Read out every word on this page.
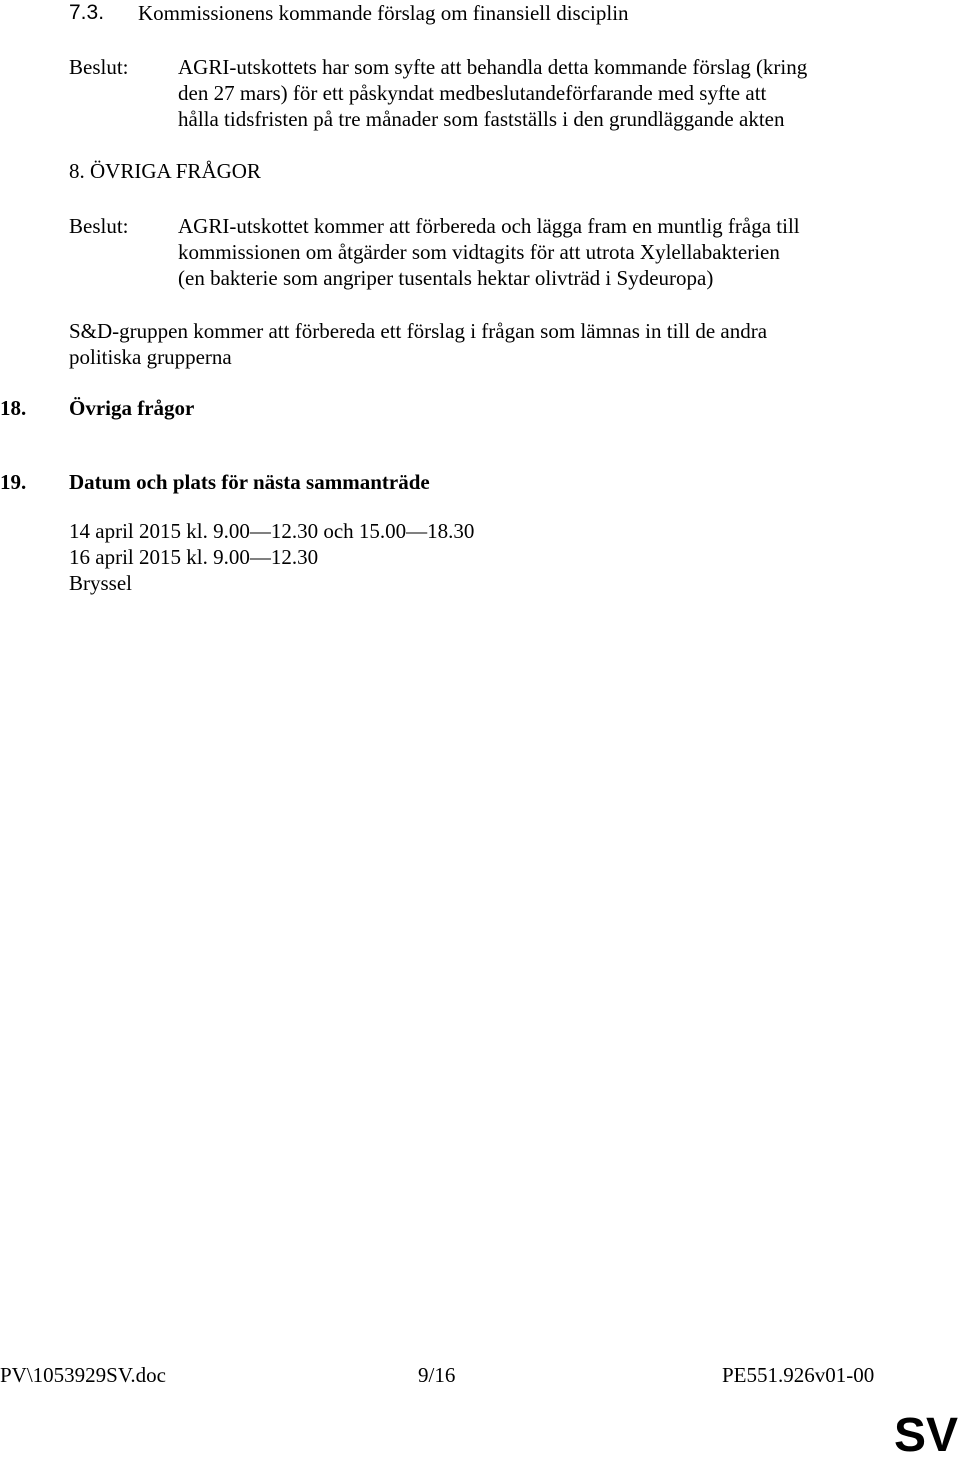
7.3. Kommissionens kommande förslag om finansiell disciplin
Beslut: AGRI-utskottets har som syfte att behandla detta kommande förslag (kring
den 27 mars) för ett påskyndat medbeslutandeförfarande med syfte att
hålla tidsfristen på tre månader som fastställs i den grundläggande akten
8. ÖVRIGA FRÅGOR
Beslut: AGRI-utskottet kommer att förbereda och lägga fram en muntlig fråga till
kommissionen om åtgärder som vidtagits för att utrota Xylellabakterien
(en bakterie som angriper tusentals hektar olivträd i Sydeuropa)
S&D-gruppen kommer att förbereda ett förslag i frågan som lämnas in till de andra
politiska grupperna
18. Övriga frågor
19. Datum och plats för nästa sammanträde
14 april 2015 kl. 9.00—12.30 och 15.00—18.30
16 april 2015 kl. 9.00—12.30
Bryssel
PV\1053929SV.doc	9/16	PE551.926v01-00
SV
